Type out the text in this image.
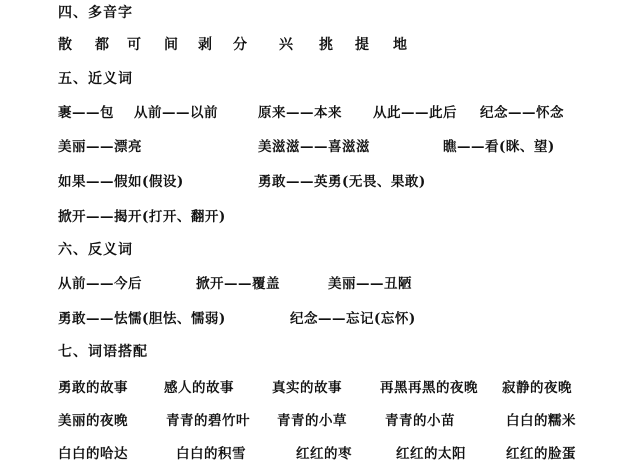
四、多音字
散 都 可 间 剥 分 兴 挑 提 地
五、近义词
裹——包 从前——以前	原来——本来 从此——此后 纪念——怀念
美丽——漂亮	美滋滋——喜滋滋	瞧——看(眯、望)
如果——假如(假设)	勇敢——英勇(无畏、果敢)
掀开——揭开(打开、翻开)
六、反义词
从前——今后	掀开——覆盖	美丽——丑陋
勇敢——怯懦(胆怯、懦弱)	纪念——忘记(忘怀)
七、词语搭配
勇敢的故事	感人的故事	真实的故事	再黑再黑的夜晚 寂静的夜晚
美丽的夜晚	青青的碧竹叶 青青的小草	青青的小苗	白白的糯米
白白的哈达	白白的积雪	红红的枣	红红的太阳	红红的脸蛋
